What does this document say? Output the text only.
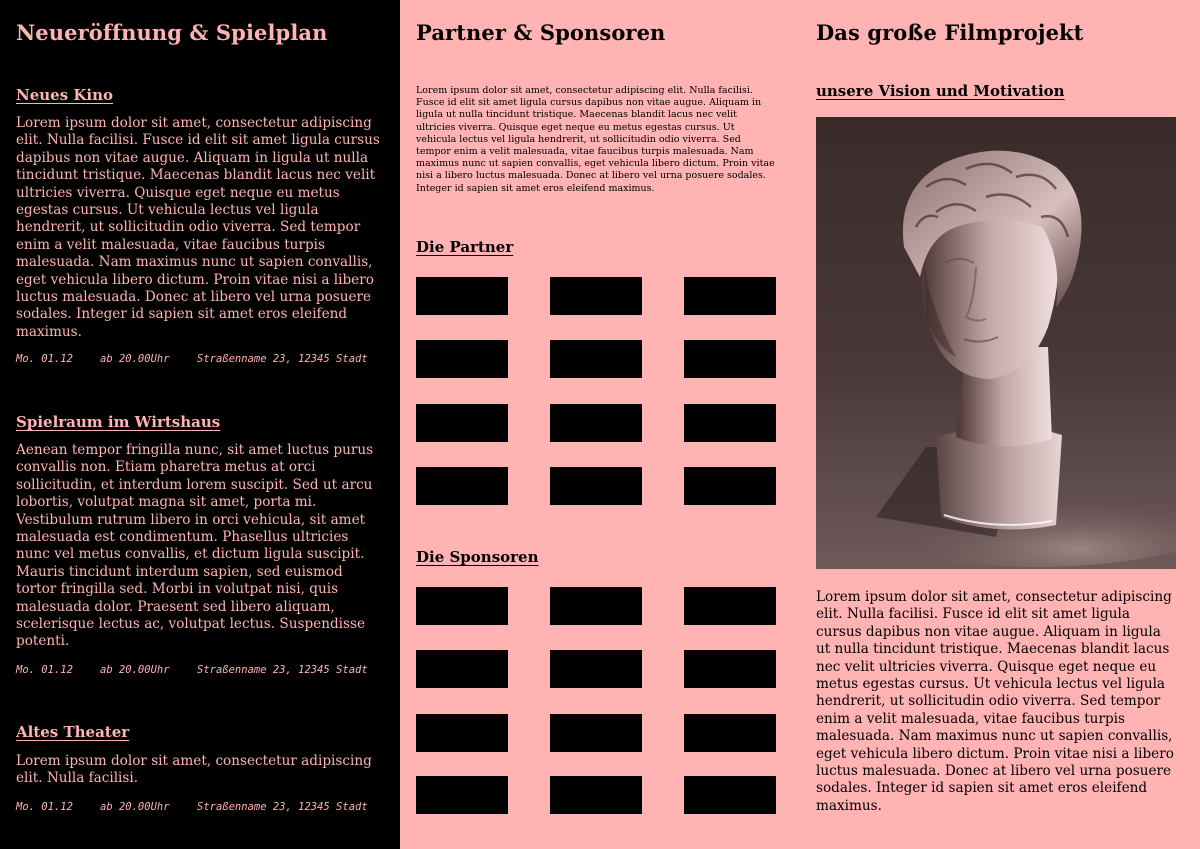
Neueröffnung & Spielplan
Neues Kino

Lorem ipsum dolor sit amet, consectetur adipiscing elit. Nulla facilisi. Fusce id elit sit amet ligula cursus dapibus non vitae augue. Aliquam in ligula ut nulla tincidunt tristique. Maecenas blandit lacus nec velit ultricies viverra. Quisque eget neque eu metus egestas cursus. Ut vehicula lectus vel ligula hendrerit, ut sollicitudin odio viverra. Sed tempor enim a velit malesuada, vitae faucibus turpis malesuada. Nam maximus nunc ut sapien convallis, eget vehicula libero dictum. Proin vitae nisi a libero luctus malesuada. Donec at libero vel urna posuere sodales. Integer id sapien sit amet eros eleifend maximus.

Mo. 01.12	ab 20.00Uhr	Straßenname 23, 12345 Stadt
Spielraum im Wirtshaus

Aenean tempor fringilla nunc, sit amet luctus purus convallis non. Etiam pharetra metus at orci sollicitudin, et interdum lorem suscipit. Sed ut arcu lobortis, volutpat magna sit amet, porta mi. Vestibulum rutrum libero in orci vehicula, sit amet malesuada est condimentum. Phasellus ultricies nunc vel metus convallis, et dictum ligula suscipit. Mauris tincidunt interdum sapien, sed euismod tortor fringilla sed. Morbi in volutpat nisi, quis malesuada dolor. Praesent sed libero aliquam, scelerisque lectus ac, volutpat lectus. Suspendisse potenti.

Mo. 01.12	ab 20.00Uhr	Straßenname 23, 12345 Stadt
Altes Theater

Lorem ipsum dolor sit amet, consectetur adipiscing elit. Nulla facilisi.

Mo. 01.12	ab 20.00Uhr	Straßenname 23, 12345 Stadt
Partner & Sponsoren

Lorem ipsum dolor sit amet, consectetur adipiscing elit. Nulla facilisi. Fusce id elit sit amet ligula cursus dapibus non vitae augue. Aliquam in ligula ut nulla tincidunt tristique. Maecenas blandit lacus nec velit ultricies viverra. Quisque eget neque eu metus egestas cursus. Ut vehicula lectus vel ligula hendrerit, ut sollicitudin odio viverra. Sed tempor enim a velit malesuada, vitae faucibus turpis malesuada. Nam maximus nunc ut sapien convallis, eget vehicula libero dictum. Proin vitae nisi a libero luctus malesuada. Donec at libero vel urna posuere sodales. Integer id sapien sit amet eros eleifend maximus.

Die Partner
Die Sponsoren
Das große Filmprojekt
unsere Vision und Motivation

Lorem ipsum dolor sit amet, consectetur adipiscing elit. Nulla facilisi. Fusce id elit sit amet ligula cursus dapibus non vitae augue. Aliquam in ligula ut nulla tincidunt tristique. Maecenas blandit lacus nec velit ultricies viverra. Quisque eget neque eu metus egestas cursus. Ut vehicula lectus vel ligula hendrerit, ut sollicitudin odio viverra. Sed tempor enim a velit malesuada, vitae faucibus turpis malesuada. Nam maximus nunc ut sapien convallis, eget vehicula libero dictum. Proin vitae nisi a libero luctus malesuada. Donec at libero vel urna posuere sodales. Integer id sapien sit amet eros eleifend maximus.
